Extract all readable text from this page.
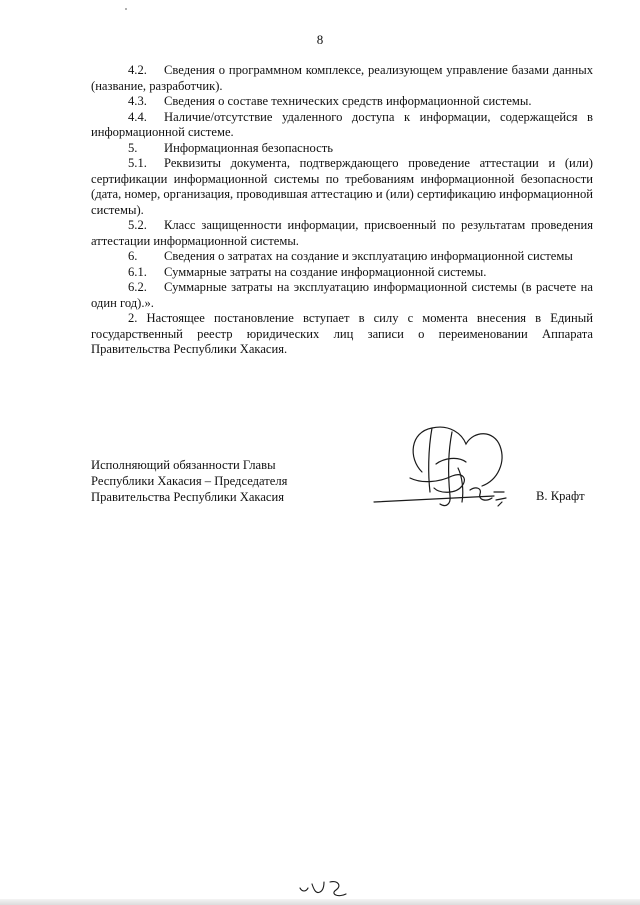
8

4.2. Сведения о программном комплексе, реализующем управление базами данных (название, разработчик).

4.3. Сведения о составе технических средств информационной системы.

4.4. Наличие/отсутствие удаленного доступа к информации, содержащейся в информационной системе.

5. Информационная безопасность

5.1. Реквизиты документа, подтверждающего проведение аттестации и (или) сертификации информационной системы по требованиям информационной безопасности (дата, номер, организация, проводившая аттестацию и (или) сертификацию информационной системы).

5.2. Класс защищенности информации, присвоенный по результатам проведения аттестации информационной системы.

6. Сведения о затратах на создание и эксплуатацию информационной системы

6.1. Суммарные затраты на создание информационной системы.

6.2. Суммарные затраты на эксплуатацию информационной системы (в расчете на один год).».

2. Настоящее постановление вступает в силу с момента внесения в Единый государственный реестр юридических лиц записи о переименовании Аппарата Правительства Республики Хакасия.

Исполняющий обязанности Главы
Республики Хакасия – Председателя
Правительства Республики Хакасия	В. Крафт
